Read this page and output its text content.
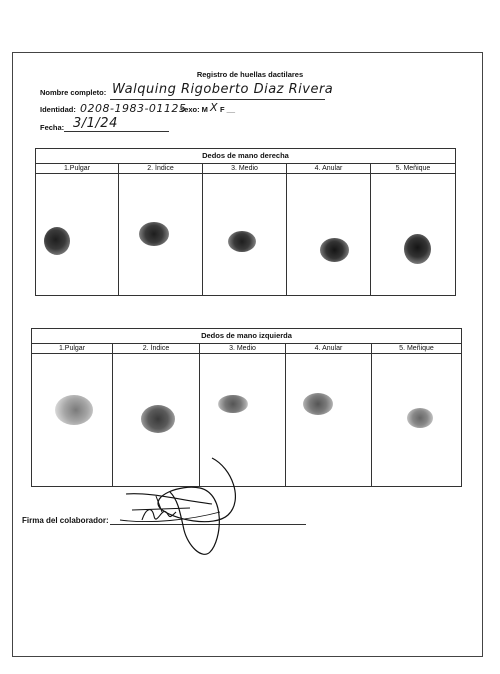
Registro de huellas dactilares
Nombre completo: Walquing Rigoberto Diaz Rivera
Identidad: 0208-1983-01125
sexo: M X F __
Fecha: 3/1/24
Dedos de mano derecha
1.Pulgar	2. Índice	3. Medio	4. Anular	5. Meñique
Dedos de mano izquierda
1.Pulgar	2. Índice	3. Medio	4. Anular	5. Meñique
Firma del colaborador:
